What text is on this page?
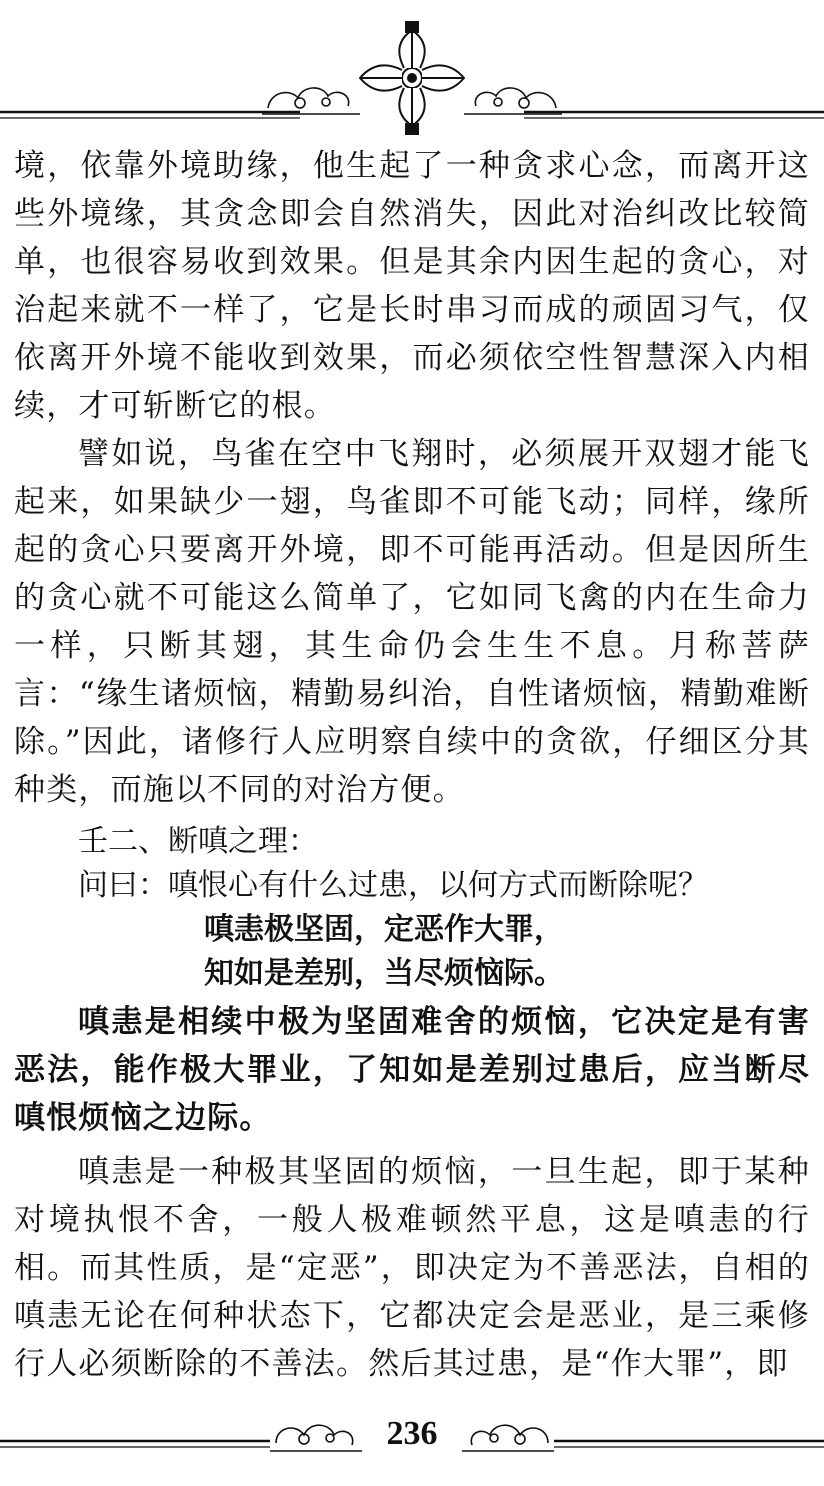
境，依靠外境助缘，他生起了一种贪求心念，而离开这些外境缘，其贪念即会自然消失，因此对治纠改比较简单，也很容易收到效果。但是其余内因生起的贪心，对治起来就不一样了，它是长时串习而成的顽固习气，仅依离开外境不能收到效果，而必须依空性智慧深入内相续，才可斩断它的根。

譬如说，鸟雀在空中飞翔时，必须展开双翅才能飞起来，如果缺少一翅，鸟雀即不可能飞动；同样，缘所起的贪心只要离开外境，即不可能再活动。但是因所生的贪心就不可能这么简单了，它如同飞禽的内在生命力一样，只断其翅，其生命仍会生生不息。月称菩萨言：“缘生诸烦恼，精勤易纠治，自性诸烦恼，精勤难断除。”因此，诸修行人应明察自续中的贪欲，仔细区分其种类，而施以不同的对治方便。

壬二、断嗔之理：

问曰：嗔恨心有什么过患，以何方式而断除呢？

嗔恚极坚固，定恶作大罪，

知如是差别，当尽烦恼际。

嗔恚是相续中极为坚固难舍的烦恼，它决定是有害恶法，能作极大罪业，了知如是差别过患后，应当断尽嗔恨烦恼之边际。

嗔恚是一种极其坚固的烦恼，一旦生起，即于某种对境执恨不舍，一般人极难顿然平息，这是嗔恚的行相。而其性质，是“定恶”，即决定为不善恶法，自相的嗔恚无论在何种状态下，它都决定会是恶业，是三乘修行人必须断除的不善法。然后其过患，是“作大罪”，即

236
